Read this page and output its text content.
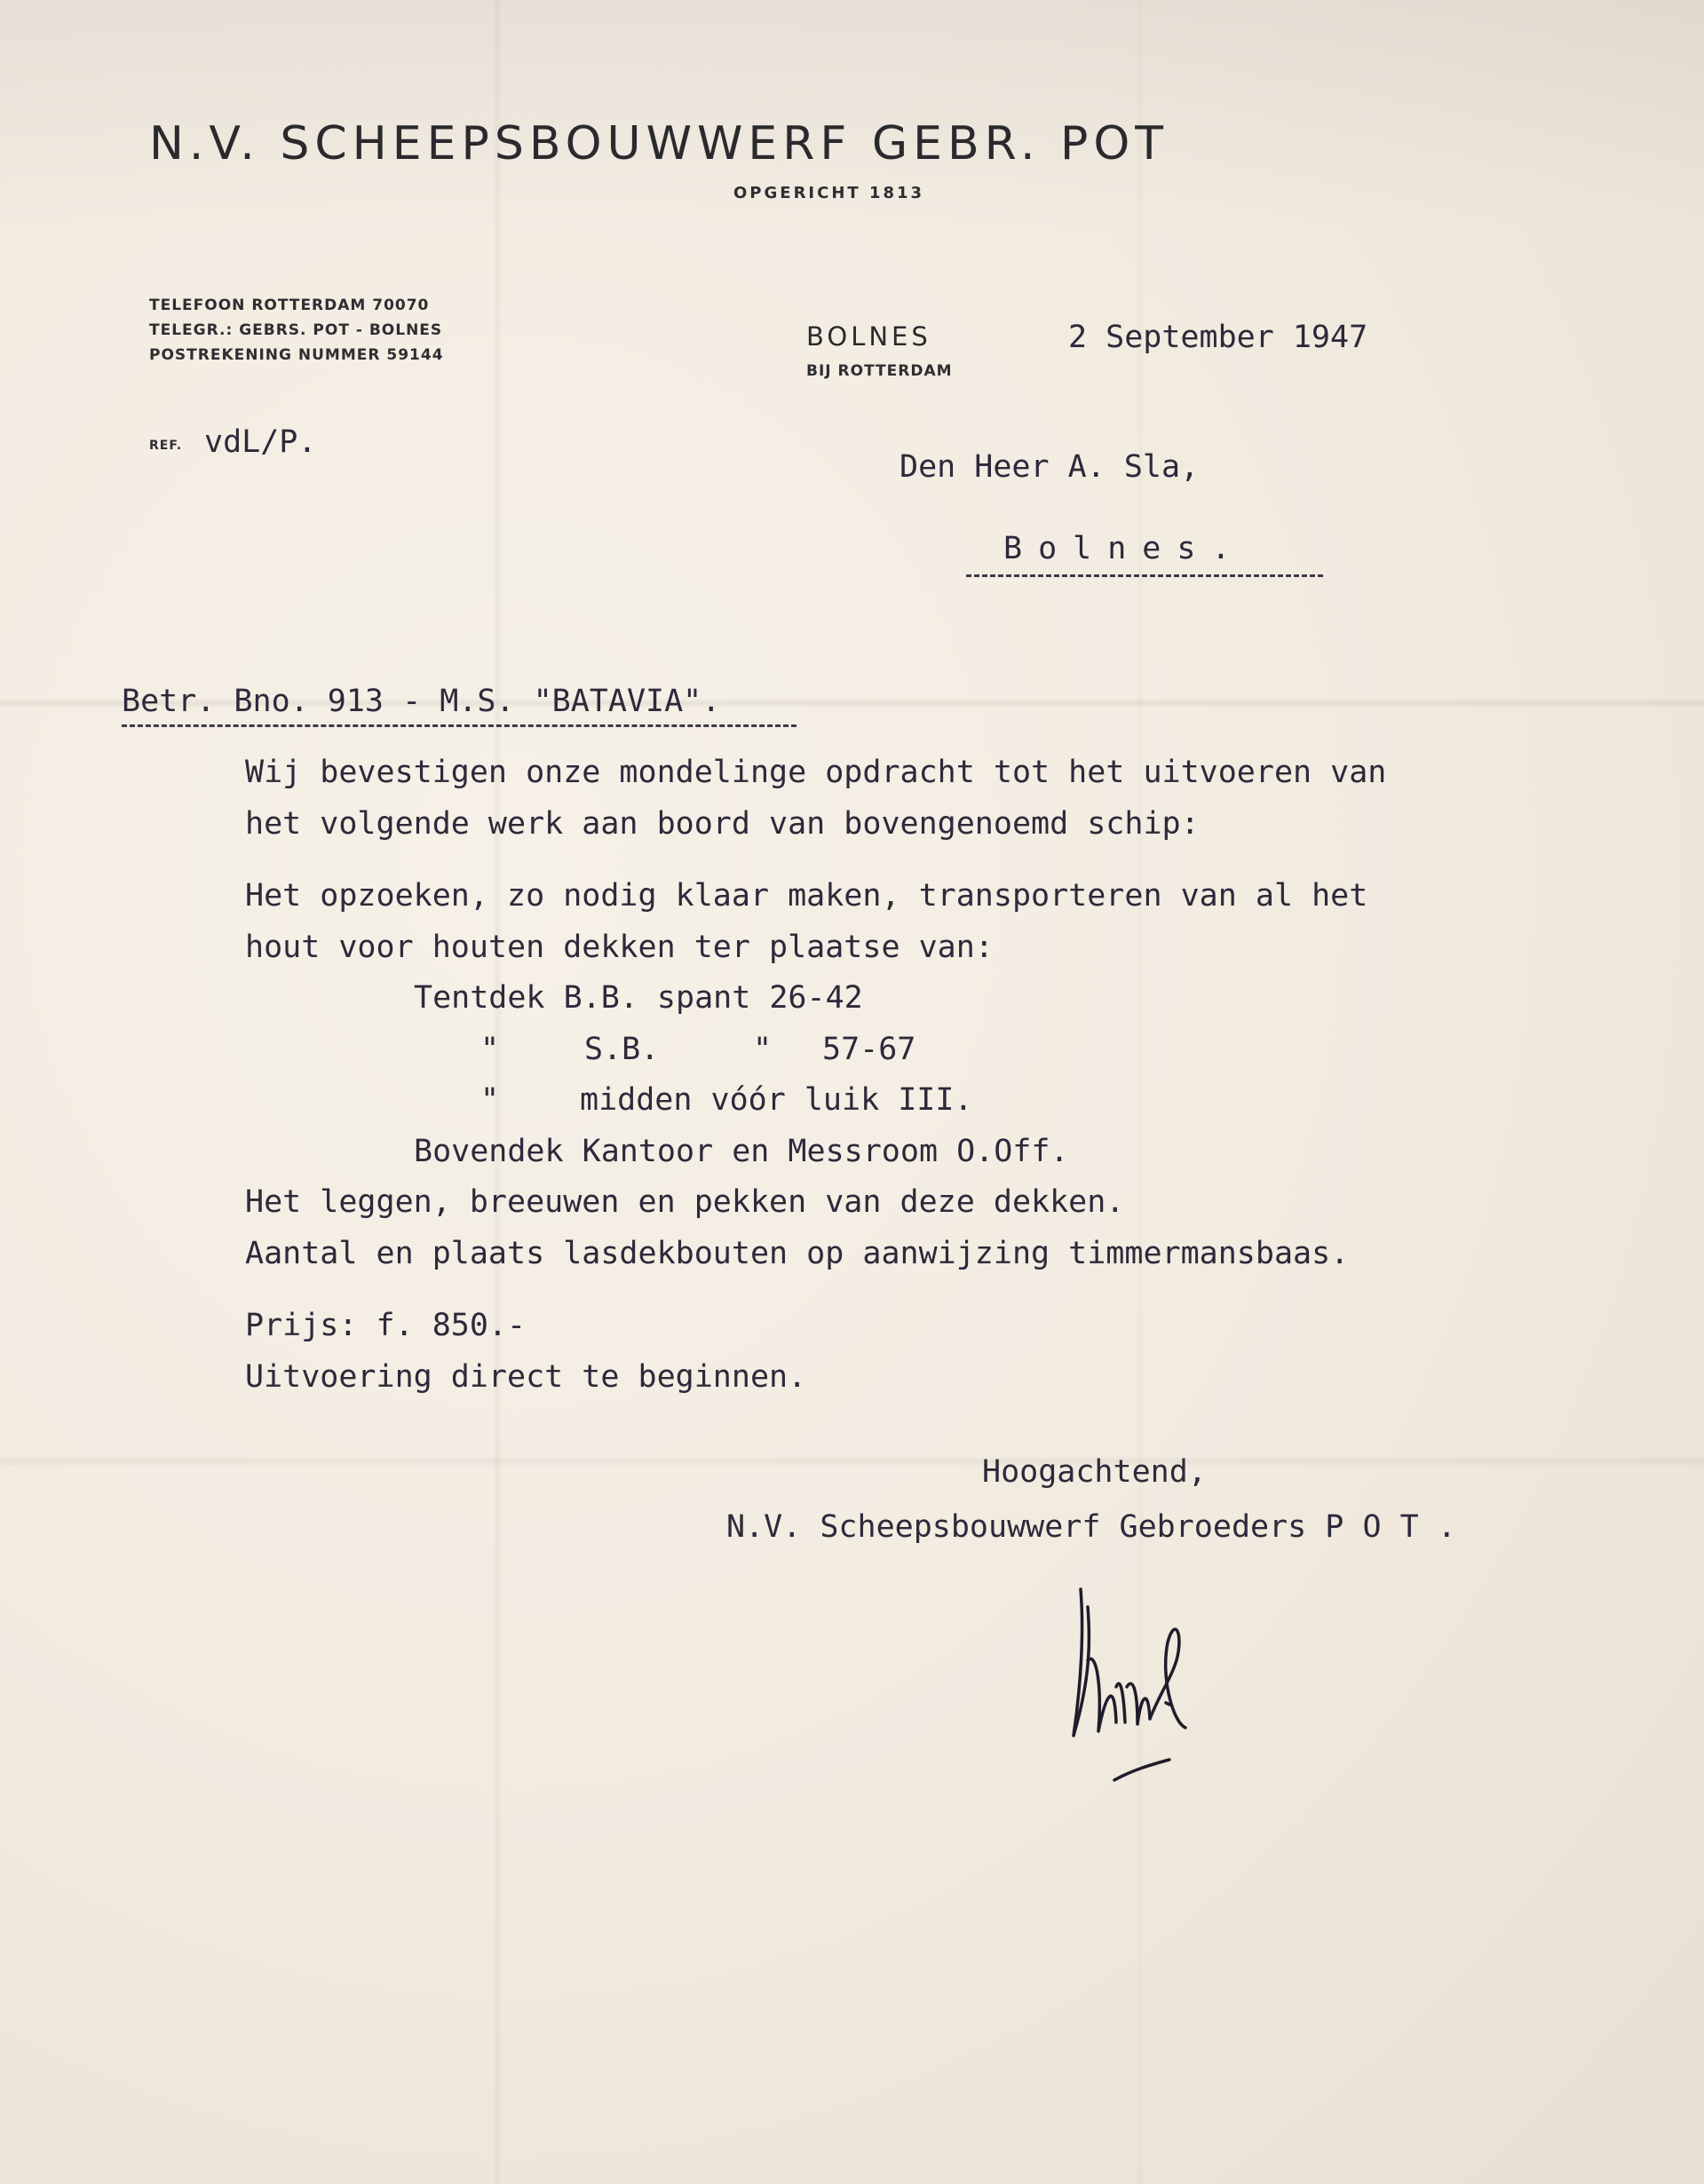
N.V. SCHEEPSBOUWWERF GEBR. POT
OPGERICHT 1813
TELEFOON ROTTERDAM 70070
TELEGR.: GEBRS. POT - BOLNES
POSTREKENING NUMMER 59144
BOLNES
BIJ ROTTERDAM
REF. vdL/P.
2 September 1947
Den Heer A. Sla,
Bolnes.
Betr. Bno. 913 - M.S. "BATAVIA".
Wij bevestigen onze mondelinge opdracht tot het uitvoeren van
het volgende werk aan boord van bovengenoemd schip:
Het opzoeken, zo nodig klaar maken, transporteren van al het
hout voor houten dekken ter plaatse van:
Tentdek B.B. spant 26-42
"	S.B.	"	57-67
"	midden vóór luik III.
Bovendek Kantoor en Messroom O.Off.
Het leggen, breeuwen en pekken van deze dekken.
Aantal en plaats lasdekbouten op aanwijzing timmermansbaas.
Prijs: f. 850.-
Uitvoering direct te beginnen.
Hoogachtend,
N.V. Scheepsbouwwerf Gebroeders P O T .
